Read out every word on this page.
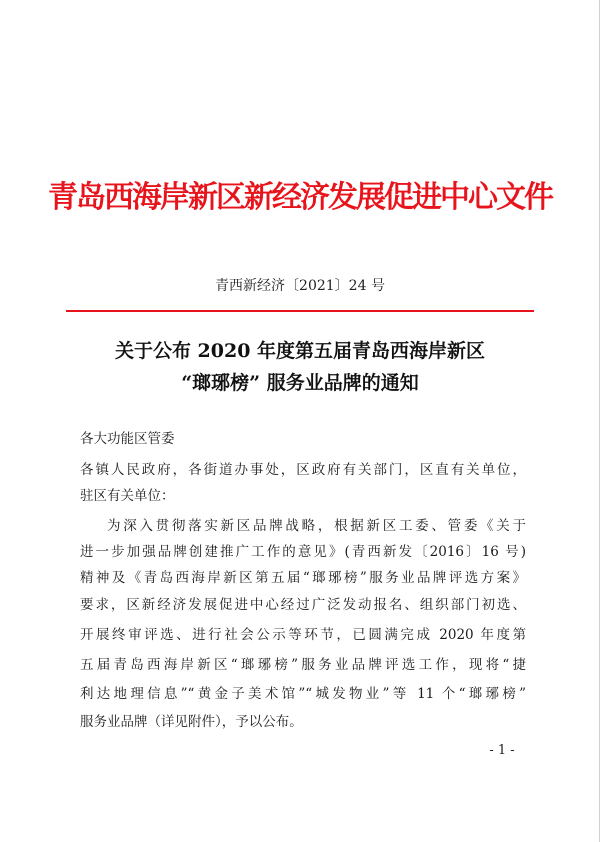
青岛西海岸新区新经济发展促进中心文件
青西新经济〔2021〕24 号
关于公布 2020 年度第五届青岛西海岸新区
“瑯琊榜” 服务业品牌的通知
各大功能区管委
各镇人民政府，各街道办事处，区政府有关部门，区直有关单位，
驻区有关单位：
为深入贯彻落实新区品牌战略，根据新区工委、管委《关于
进一步加强品牌创建推广工作的意见》(青西新发〔2016〕16 号)
精神及《青岛西海岸新区第五届“瑯琊榜”服务业品牌评选方案》
要求，区新经济发展促进中心经过广泛发动报名、组织部门初选、
开展终审评选、进行社会公示等环节，已圆满完成 2020 年度第
五届青岛西海岸新区“瑯琊榜”服务业品牌评选工作，现将“捷
利达地理信息”“黄金子美术馆”“城发物业”等 11 个“瑯琊榜”
服务业品牌（详见附件），予以公布。
- 1 -
